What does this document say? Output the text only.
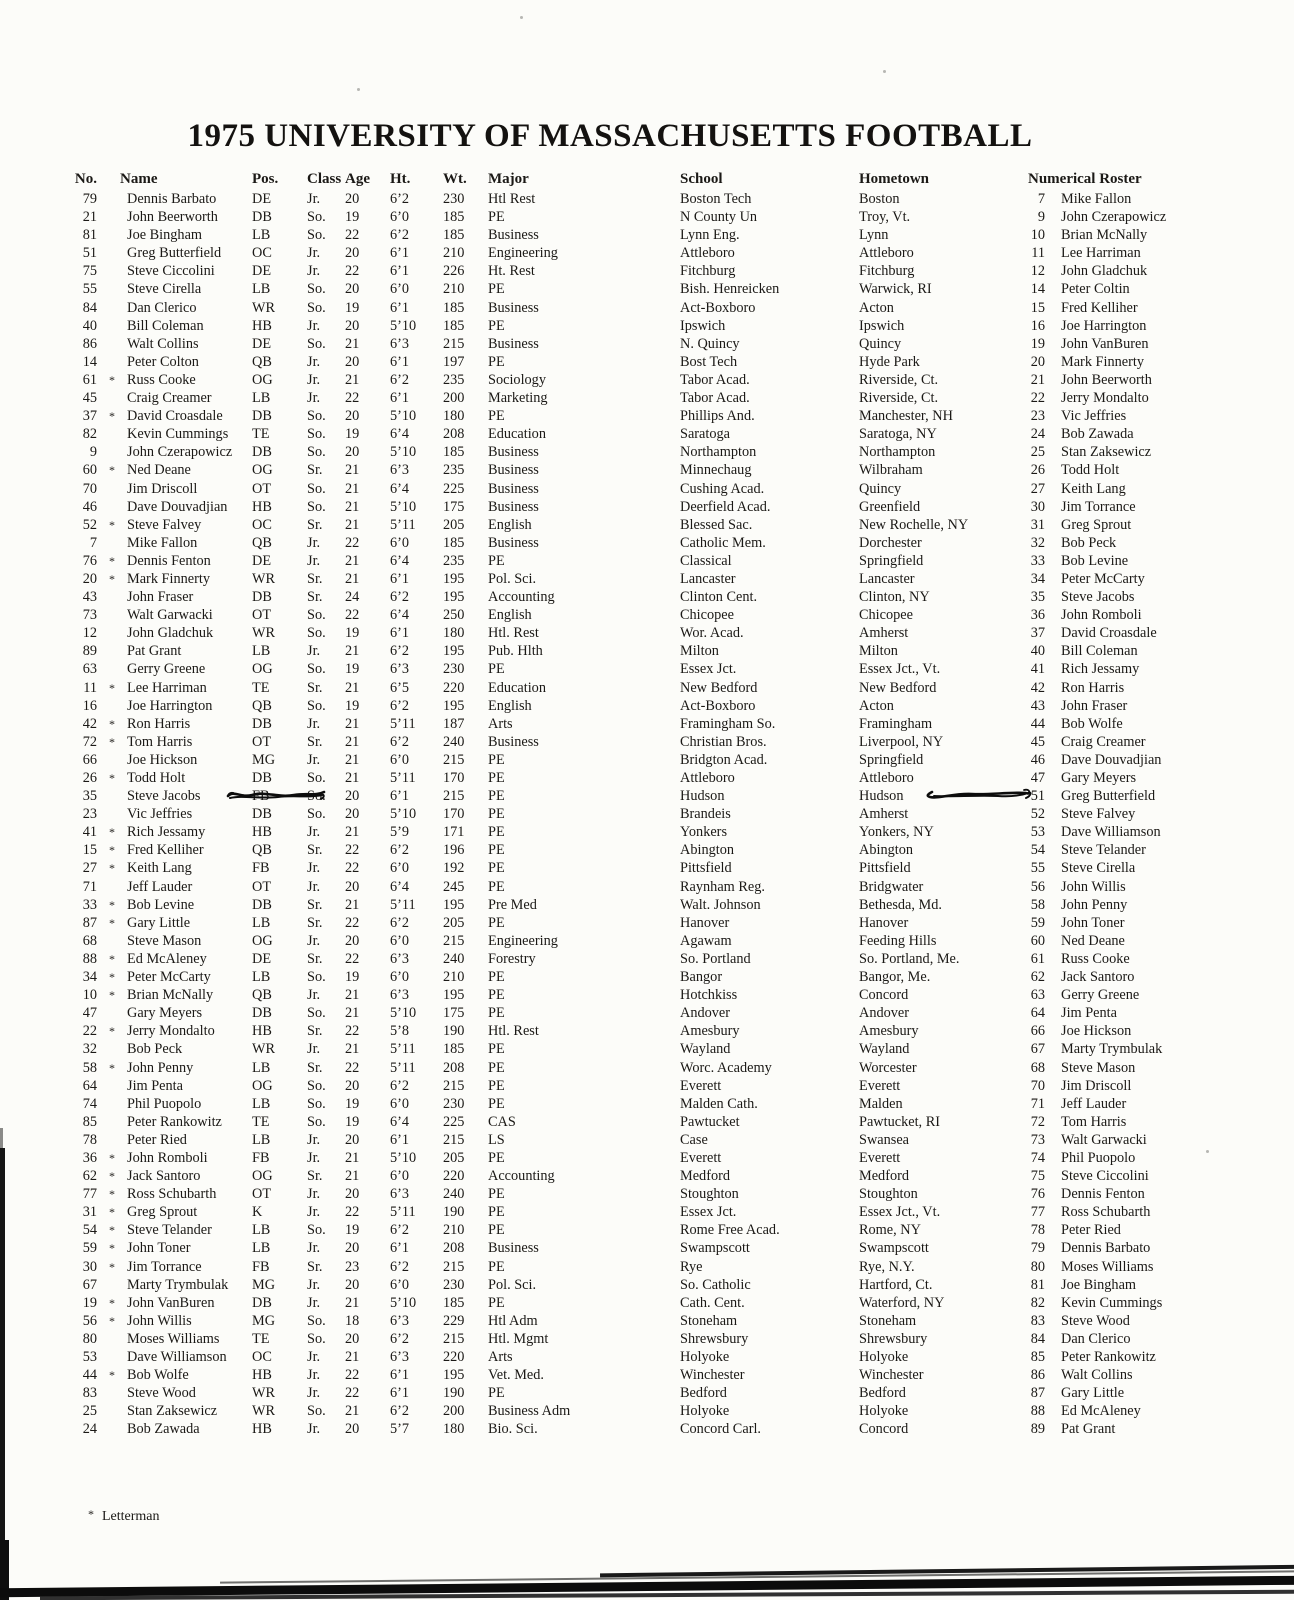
1975 UNIVERSITY OF MASSACHUSETTS FOOTBALL
No. Name	Pos.	Class Age	Ht.	Wt.	Major	School	Hometown	Numerical Roster
79 Dennis Barbato	DE	Jr.	20	6’2	230	Htl Rest	Boston Tech	Boston
21 John Beerworth	DB	So.	19	6’0	185	PE	N County Un	Troy, Vt.
81 Joe Bingham	LB	So.	22	6’2	185	Business	Lynn Eng.	Lynn
51 Greg Butterfield	OC	Jr.	20	6’1	210	Engineering	Attleboro	Attleboro
75 Steve Ciccolini	DE	Jr.	22	6’1	226	Ht. Rest	Fitchburg	Fitchburg
55 Steve Cirella	LB	So.	20	6’0	210	PE	Bish. Henreicken	Warwick, RI
84 Dan Clerico	WR	So.	19	6’1	185	Business	Act-Boxboro	Acton
40 Bill Coleman	HB	Jr.	20	5’10	185	PE	Ipswich	Ipswich
86 Walt Collins	DE	So.	21	6’3	215	Business	N. Quincy	Quincy
14 Peter Colton	QB	Jr.	20	6’1	197	PE	Bost Tech	Hyde Park
61	* Russ Cooke	OG	Jr.	21	6’2	235	Sociology	Tabor Acad.	Riverside, Ct.
45 Craig Creamer	LB	Jr.	22	6’1	200	Marketing	Tabor Acad.	Riverside, Ct.
37	* David Croasdale	DB	So.	20	5’10	180	PE	Phillips And.	Manchester, NH
82 Kevin Cummings	TE	So.	19	6’4	208	Education	Saratoga	Saratoga, NY
9 John Czerapowicz	DB	So.	20	5’10	185	Business	Northampton	Northampton
60	* Ned Deane	OG	Sr.	21	6’3	235	Business	Minnechaug	Wilbraham
70 Jim Driscoll	OT	So.	21	6’4	225	Business	Cushing Acad.	Quincy
46 Dave Douvadjian	HB	So.	21	5’10	175	Business	Deerfield Acad.	Greenfield
52	* Steve Falvey	OC	Sr.	21	5’11	205	English	Blessed Sac.	New Rochelle, NY
7 Mike Fallon	QB	Jr.	22	6’0	185	Business	Catholic Mem.	Dorchester
76	* Dennis Fenton	DE	Jr.	21	6’4	235	PE	Classical	Springfield
20	* Mark Finnerty	WR	Sr.	21	6’1	195	Pol. Sci.	Lancaster	Lancaster
43 John Fraser	DB	Sr.	24	6’2	195	Accounting	Clinton Cent.	Clinton, NY
73 Walt Garwacki	OT	So.	22	6’4	250	English	Chicopee	Chicopee
12 John Gladchuk	WR	So.	19	6’1	180	Htl. Rest	Wor. Acad.	Amherst
89 Pat Grant	LB	Jr.	21	6’2	195	Pub. Hlth	Milton	Milton
63 Gerry Greene	OG	So.	19	6’3	230	PE	Essex Jct.	Essex Jct., Vt.
11	* Lee Harriman	TE	Sr.	21	6’5	220	Education	New Bedford	New Bedford
16 Joe Harrington	QB	So.	19	6’2	195	English	Act-Boxboro	Acton
42	* Ron Harris	DB	Jr.	21	5’11	187	Arts	Framingham So.	Framingham
72	* Tom Harris	OT	Sr.	21	6’2	240	Business	Christian Bros.	Liverpool, NY
66 Joe Hickson	MG	Jr.	21	6’0	215	PE	Bridgton Acad.	Springfield
26	* Todd Holt	DB	So.	21	5’11	170	PE	Attleboro	Attleboro
35 Steve Jacobs	FB	So.	20	6’1	215	PE	Hudson	Hudson
23 Vic Jeffries	DB	So.	20	5’10	170	PE	Brandeis	Amherst
41	* Rich Jessamy	HB	Jr.	21	5’9	171	PE	Yonkers	Yonkers, NY
15	* Fred Kelliher	QB	Sr.	22	6’2	196	PE	Abington	Abington
27	* Keith Lang	FB	Jr.	22	6’0	192	PE	Pittsfield	Pittsfield
71 Jeff Lauder	OT	Jr.	20	6’4	245	PE	Raynham Reg.	Bridgwater
33	* Bob Levine	DB	Sr.	21	5’11	195	Pre Med	Walt. Johnson	Bethesda, Md.
87	* Gary Little	LB	Sr.	22	6’2	205	PE	Hanover	Hanover
68 Steve Mason	OG	Jr.	20	6’0	215	Engineering	Agawam	Feeding Hills
88	* Ed McAleney	DE	Sr.	22	6’3	240	Forestry	So. Portland	So. Portland, Me.
34	* Peter McCarty	LB	So.	19	6’0	210	PE	Bangor	Bangor, Me.
10	* Brian McNally	QB	Jr.	21	6’3	195	PE	Hotchkiss	Concord
47 Gary Meyers	DB	So.	21	5’10	175	PE	Andover	Andover
22	* Jerry Mondalto	HB	Sr.	22	5’8	190	Htl. Rest	Amesbury	Amesbury
32 Bob Peck	WR	Jr.	21	5’11	185	PE	Wayland	Wayland
58	* John Penny	LB	Sr.	22	5’11	208	PE	Worc. Academy	Worcester
64 Jim Penta	OG	So.	20	6’2	215	PE	Everett	Everett
74 Phil Puopolo	LB	So.	19	6’0	230	PE	Malden Cath.	Malden
85 Peter Rankowitz	TE	So.	19	6’4	225	CAS	Pawtucket	Pawtucket, RI
78 Peter Ried	LB	Jr.	20	6’1	215	LS	Case	Swansea
36	* John Romboli	FB	Jr.	21	5’10	205	PE	Everett	Everett
62	* Jack Santoro	OG	Sr.	21	6’0	220	Accounting	Medford	Medford
77	* Ross Schubarth	OT	Jr.	20	6’3	240	PE	Stoughton	Stoughton
31	* Greg Sprout	K	Jr.	22	5’11	190	PE	Essex Jct.	Essex Jct., Vt.
54	* Steve Telander	LB	So.	19	6’2	210	PE	Rome Free Acad.	Rome, NY
59	* John Toner	LB	Jr.	20	6’1	208	Business	Swampscott	Swampscott
30	* Jim Torrance	FB	Sr.	23	6’2	215	PE	Rye	Rye, N.Y.
67 Marty Trymbulak	MG	Jr.	20	6’0	230	Pol. Sci.	So. Catholic	Hartford, Ct.
19	* John VanBuren	DB	Jr.	21	5’10	185	PE	Cath. Cent.	Waterford, NY
56	* John Willis	MG	So.	18	6’3	229	Htl Adm	Stoneham	Stoneham
80 Moses Williams	TE	So.	20	6’2	215	Htl. Mgmt	Shrewsbury	Shrewsbury
53 Dave Williamson	OC	Jr.	21	6’3	220	Arts	Holyoke	Holyoke
44	* Bob Wolfe	HB	Jr.	22	6’1	195	Vet. Med.	Winchester	Winchester
83 Steve Wood	WR	Jr.	22	6’1	190	PE	Bedford	Bedford
25 Stan Zaksewicz	WR	So.	21	6’2	200	Business Adm	Holyoke	Holyoke
24 Bob Zawada	HB	Jr.	20	5’7	180	Bio. Sci.	Concord Carl.	Concord
7	Mike Fallon
9	John Czerapowicz
10	Brian McNally
11	Lee Harriman
12	John Gladchuk
14	Peter Coltin
15	Fred Kelliher
16	Joe Harrington
19	John VanBuren
20	Mark Finnerty
21	John Beerworth
22	Jerry Mondalto
23	Vic Jeffries
24	Bob Zawada
25	Stan Zaksewicz
26	Todd Holt
27	Keith Lang
30	Jim Torrance
31	Greg Sprout
32	Bob Peck
33	Bob Levine
34	Peter McCarty
35	Steve Jacobs
36	John Romboli
37	David Croasdale
40	Bill Coleman
41	Rich Jessamy
42	Ron Harris
43	John Fraser
44	Bob Wolfe
45	Craig Creamer
46	Dave Douvadjian
47	Gary Meyers
51	Greg Butterfield
52	Steve Falvey
53	Dave Williamson
54	Steve Telander
55	Steve Cirella
56	John Willis
58	John Penny
59	John Toner
60	Ned Deane
61	Russ Cooke
62	Jack Santoro
63	Gerry Greene
64	Jim Penta
66	Joe Hickson
67	Marty Trymbulak
68	Steve Mason
70	Jim Driscoll
71	Jeff Lauder
72	Tom Harris
73	Walt Garwacki
74	Phil Puopolo
75	Steve Ciccolini
76	Dennis Fenton
77	Ross Schubarth
78	Peter Ried
79	Dennis Barbato
80	Moses Williams
81	Joe Bingham
82	Kevin Cummings
83	Steve Wood
84	Dan Clerico
85	Peter Rankowitz
86	Walt Collins
87	Gary Little
88	Ed McAleney
89	Pat Grant
* Letterman
